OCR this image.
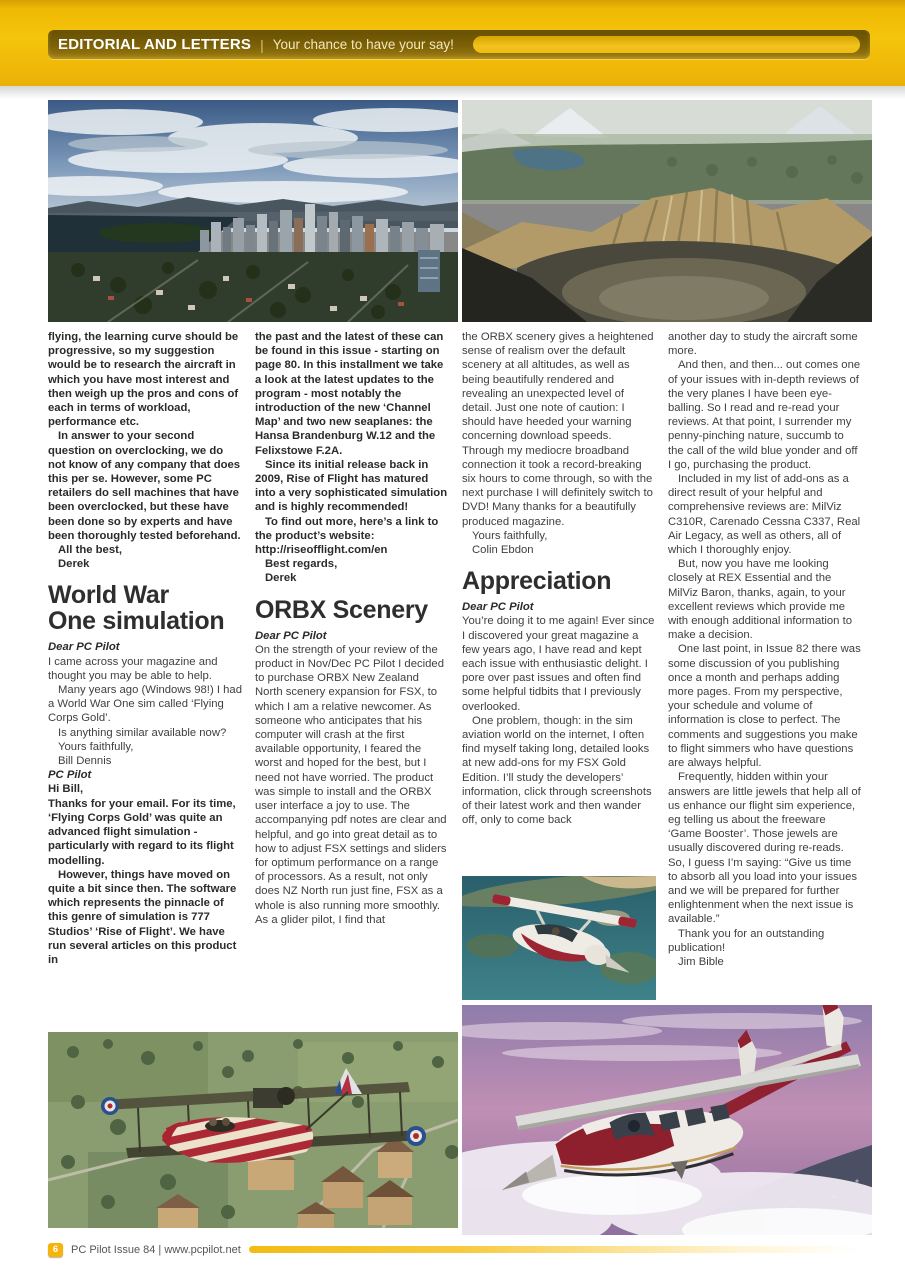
EDITORIAL AND LETTERS | Your chance to have your say!

flying, the learning curve should be progressive, so my suggestion would be to research the aircraft in which you have most interest and then weigh up the pros and cons of each in terms of workload, performance etc.

In answer to your second question on overclocking, we do not know of any company that does this per se. However, some PC retailers do sell machines that have been overclocked, but these have been done so by experts and have been thoroughly tested beforehand.

All the best,

Derek

World War
One simulation

Dear PC Pilot

I came across your magazine and thought you may be able to help.

Many years ago (Windows 98!) I had a World War One sim called ‘Flying Corps Gold’.

Is anything similar available now?

Yours faithfully,

Bill Dennis

PC Pilot

Hi Bill,

Thanks for your email. For its time, ‘Flying Corps Gold’ was quite an advanced flight simulation - particularly with regard to its flight modelling.

However, things have moved on quite a bit since then. The software which represents the pinnacle of this genre of simulation is 777 Studios’ ‘Rise of Flight’. We have run several articles on this product in

the past and the latest of these can be found in this issue - starting on page 80. In this installment we take a look at the latest updates to the program - most notably the introduction of the new ‘Channel Map’ and two new seaplanes: the Hansa Brandenburg W.12 and the Felixstowe F.2A.

Since its initial release back in 2009, Rise of Flight has matured into a very sophisticated simulation and is highly recommended!

To find out more, here’s a link to the product’s website: http://riseofflight.com/en

Best regards,

Derek

ORBX Scenery

Dear PC Pilot

On the strength of your review of the product in Nov/Dec PC Pilot I decided to purchase ORBX New Zealand North scenery expansion for FSX, to which I am a relative newcomer. As someone who anticipates that his computer will crash at the first available opportunity, I feared the worst and hoped for the best, but I need not have worried. The product was simple to install and the ORBX user interface a joy to use. The accompanying pdf notes are clear and helpful, and go into great detail as to how to adjust FSX settings and sliders for optimum performance on a range of processors. As a result, not only does NZ North run just fine, FSX as a whole is also running more smoothly. As a glider pilot, I find that

the ORBX scenery gives a heightened sense of realism over the default scenery at all altitudes, as well as being beautifully rendered and revealing an unexpected level of detail. Just one note of caution: I should have heeded your warning concerning download speeds. Through my mediocre broadband connection it took a record-breaking six hours to come through, so with the next purchase I will definitely switch to DVD! Many thanks for a beautifully produced magazine.

Yours faithfully,

Colin Ebdon

Appreciation

Dear PC Pilot

You’re doing it to me again! Ever since I discovered your great magazine a few years ago, I have read and kept each issue with enthusiastic delight. I pore over past issues and often find some helpful tidbits that I previously overlooked.

One problem, though: in the sim aviation world on the internet, I often find myself taking long, detailed looks at new add-ons for my FSX Gold Edition. I’ll study the developers’ information, click through screenshots of their latest work and then wander off, only to come back

another day to study the aircraft some more.

And then, and then... out comes one of your issues with in-depth reviews of the very planes I have been eye-balling. So I read and re-read your reviews. At that point, I surrender my penny-pinching nature, succumb to the call of the wild blue yonder and off I go, purchasing the product.

Included in my list of add-ons as a direct result of your helpful and comprehensive reviews are: MilViz C310R, Carenado Cessna C337, Real Air Legacy, as well as others, all of which I thoroughly enjoy.

But, now you have me looking closely at REX Essential and the MilViz Baron, thanks, again, to your excellent reviews which provide me with enough additional information to make a decision.

One last point, in Issue 82 there was some discussion of you publishing once a month and perhaps adding more pages. From my perspective, your schedule and volume of information is close to perfect. The comments and suggestions you make to flight simmers who have questions are always helpful.

Frequently, hidden within your answers are little jewels that help all of us enhance our flight sim experience, eg telling us about the freeware ‘Game Booster’. Those jewels are usually discovered during re-reads. So, I guess I’m saying: “Give us time to absorb all you load into your issues and we will be prepared for further enlightenment when the next issue is available.”

Thank you for an outstanding publication!

Jim Bible

6	PC Pilot Issue 84 | www.pcpilot.net
